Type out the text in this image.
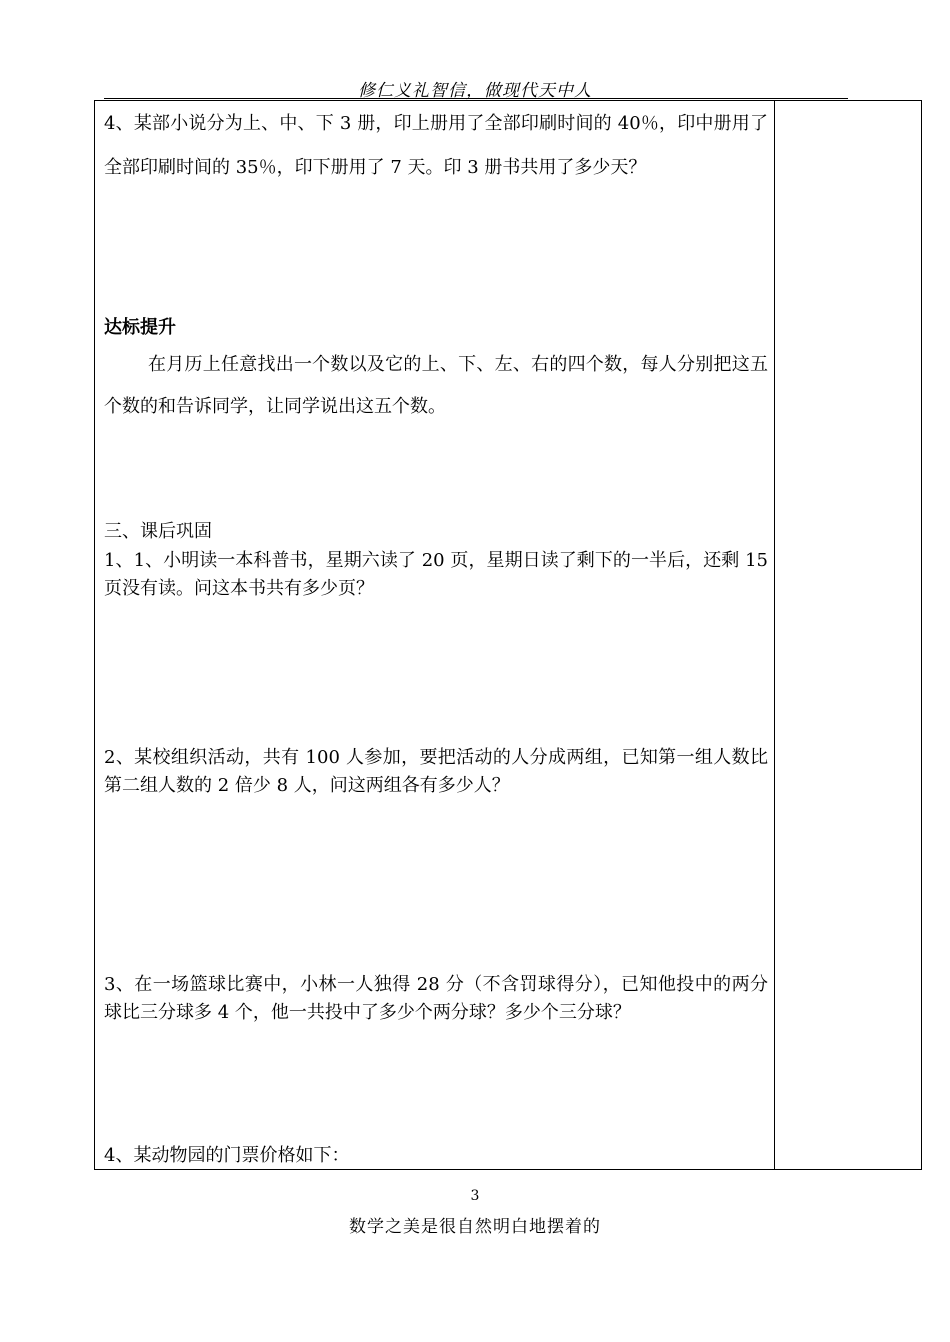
修仁义礼智信，做现代天中人

4、某部小说分为上、中、下 3 册，印上册用了全部印刷时间的 40％，印中册用了全部印刷时间的 35％，印下册用了 7 天。印 3 册书共用了多少天？

达标提升

在月历上任意找出一个数以及它的上、下、左、右的四个数，每人分别把这五个数的和告诉同学，让同学说出这五个数。

三、课后巩固

1、1、小明读一本科普书，星期六读了 20 页，星期日读了剩下的一半后，还剩 15 页没有读。问这本书共有多少页？

2、某校组织活动，共有 100 人参加，要把活动的人分成两组，已知第一组人数比第二组人数的 2 倍少 8 人，问这两组各有多少人？

3、在一场篮球比赛中，小林一人独得 28 分（不含罚球得分），已知他投中的两分球比三分球多 4 个，他一共投中了多少个两分球？多少个三分球？

4、某动物园的门票价格如下：

3
数学之美是很自然明白地摆着的
